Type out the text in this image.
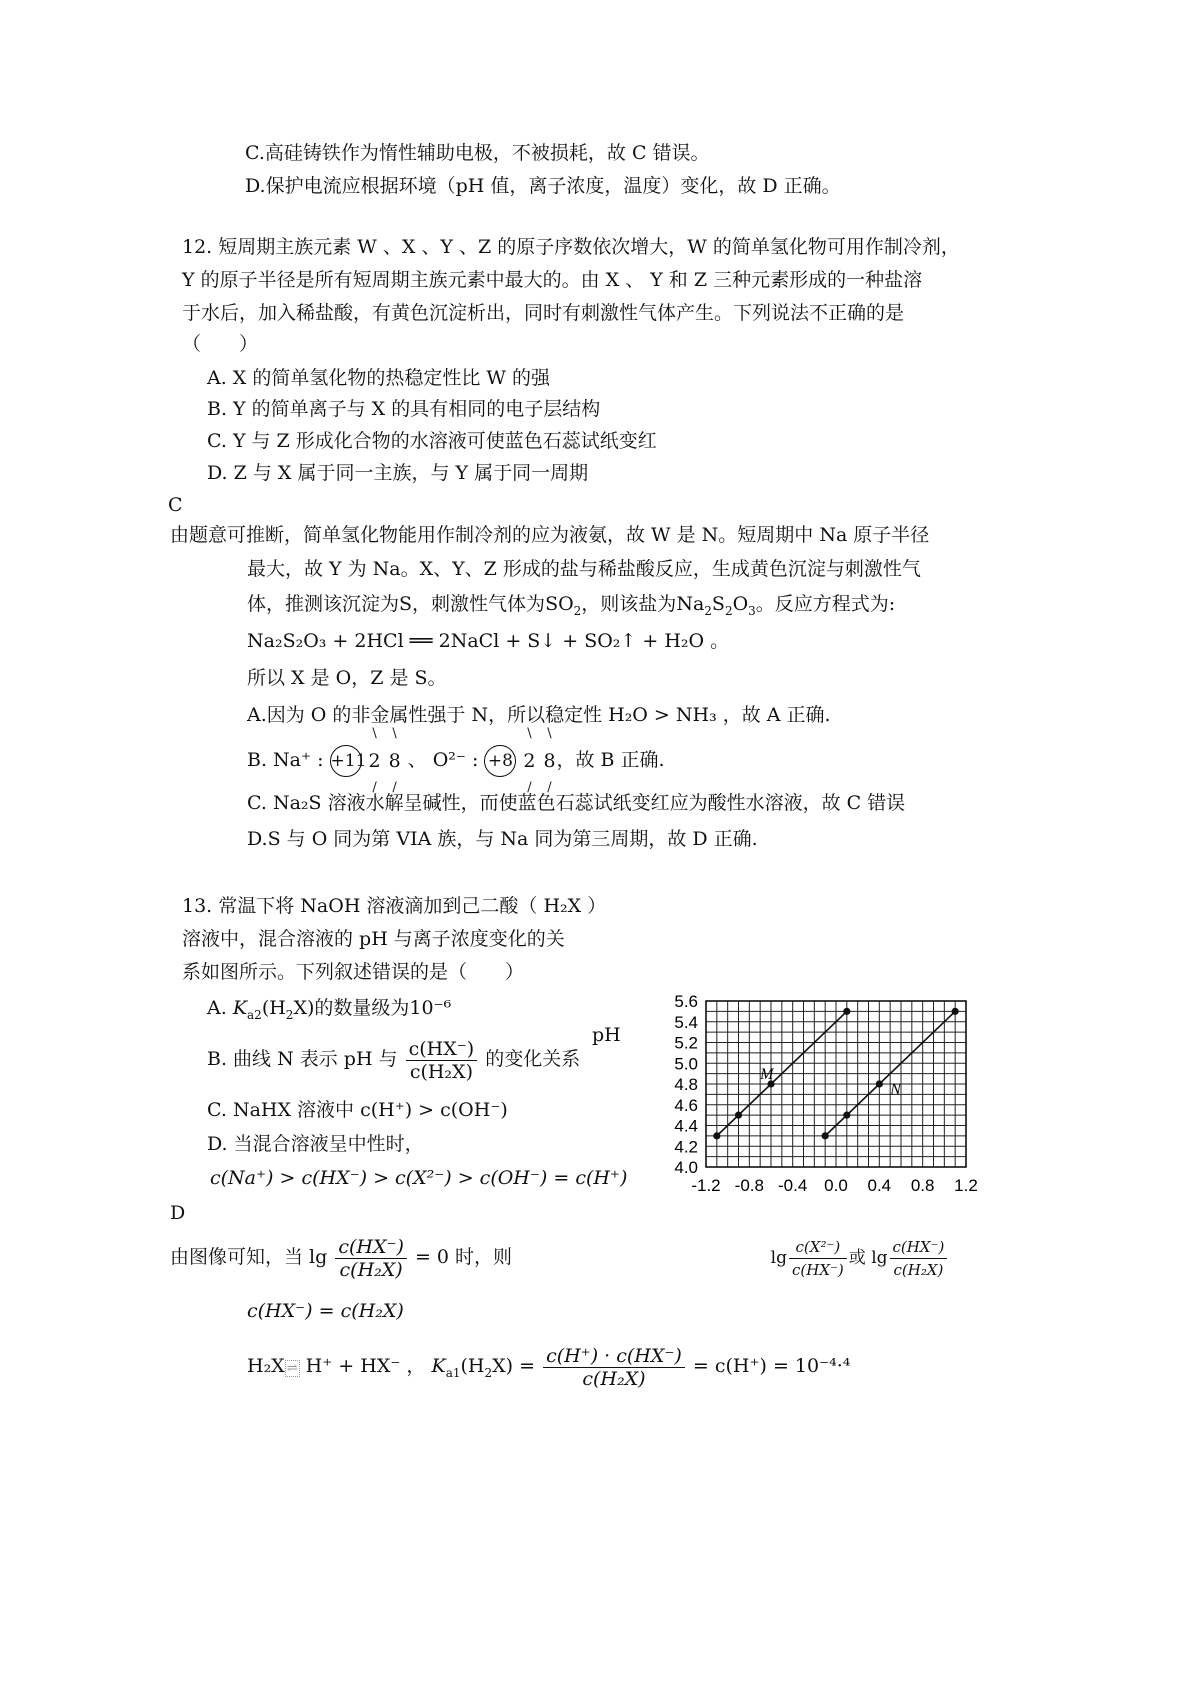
C.高硅铸铁作为惰性辅助电极，不被损耗，故 C 错误。
D.保护电流应根据环境（pH 值，离子浓度，温度）变化，故 D 正确。
12. 短周期主族元素 W 、X 、Y 、Z 的原子序数依次增大，W 的简单氢化物可用作制冷剂，
Y 的原子半径是所有短周期主族元素中最大的。由 X 、 Y 和 Z 三种元素形成的一种盐溶
于水后，加入稀盐酸，有黄色沉淀析出，同时有刺激性气体产生。下列说法不正确的是
（　　）
A. X 的简单氢化物的热稳定性比 W 的强
B. Y 的简单离子与 X 的具有相同的电子层结构
C. Y 与 Z 形成化合物的水溶液可使蓝色石蕊试纸变红
D. Z 与 X 属于同一主族，与 Y 属于同一周期
C
由题意可推断，简单氢化物能用作制冷剂的应为液氨，故 W 是 N。短周期中 Na 原子半径
最大，故 Y 为 Na。X、Y、Z 形成的盐与稀盐酸反应，生成黄色沉淀与刺激性气
体，推测该沉淀为S，刺激性气体为$SO_2$，则该盐为$Na_2S_2O_3$。反应方程式为:
Na₂S₂O₃ + 2HCl ══ 2NaCl + S↓ + SO₂↑ + H₂O 。
所以 X 是 O，Z 是 S。
A.因为 O 的非金属性强于 N，所以稳定性 H₂O > NH₃ ，故 A 正确.
B. Na⁺ : +11
\
2
/

\
8
/
、 O²⁻ : +8
\
2
/

\
8
/
，故 B 正确.
C. Na₂S 溶液水解呈碱性，而使蓝色石蕊试纸变红应为酸性水溶液，故 C 错误
D.S 与 O 同为第 VIA 族，与 Na 同为第三周期，故 D 正确.
13. 常温下将 NaOH 溶液滴加到己二酸（ H₂X ）
溶液中，混合溶液的 pH 与离子浓度变化的关
系如图所示。下列叙述错误的是（　　）
A. $K_{a2}(H_2X)$的数量级为10⁻⁶
B. 曲线 N 表示 pH 与 $\frac{c(HX^-)}{\text{c(H₂X)}}$ 的变化关系
C. NaHX 溶液中 c(H⁺) > c(OH⁻)
D. 当混合溶液呈中性时，
c(Na⁺) > c(HX⁻) > c(X²⁻) > c(OH⁻) = c(H⁺)
D
由图像可知，当 $\lg \frac{c(HX^-)}{\text{c(H₂X)}} = 0$ 时，则
c(HX⁻) = c(H₂X)
H₂X ⇌ H⁺ + HX⁻ ， $K_{a1}(H_2X) = \frac{c(H^+) \cdot c(HX^-)}{\text{c(H₂X)}} = c(H^+) = 10^{-4}\cdot^4$
-1.2 -0.8 -0.4 0.0 0.4 0.8 1.2
4.0
4.2
4.4
4.6
4.8
5.0
5.2
5.4
5.6
M
N
$\lg \frac{\text{c(X²⁻)}}{c(HX^-)}$ 或 $\lg \frac{c(HX^-)}{\text{c(H₂X)}}$
pH
